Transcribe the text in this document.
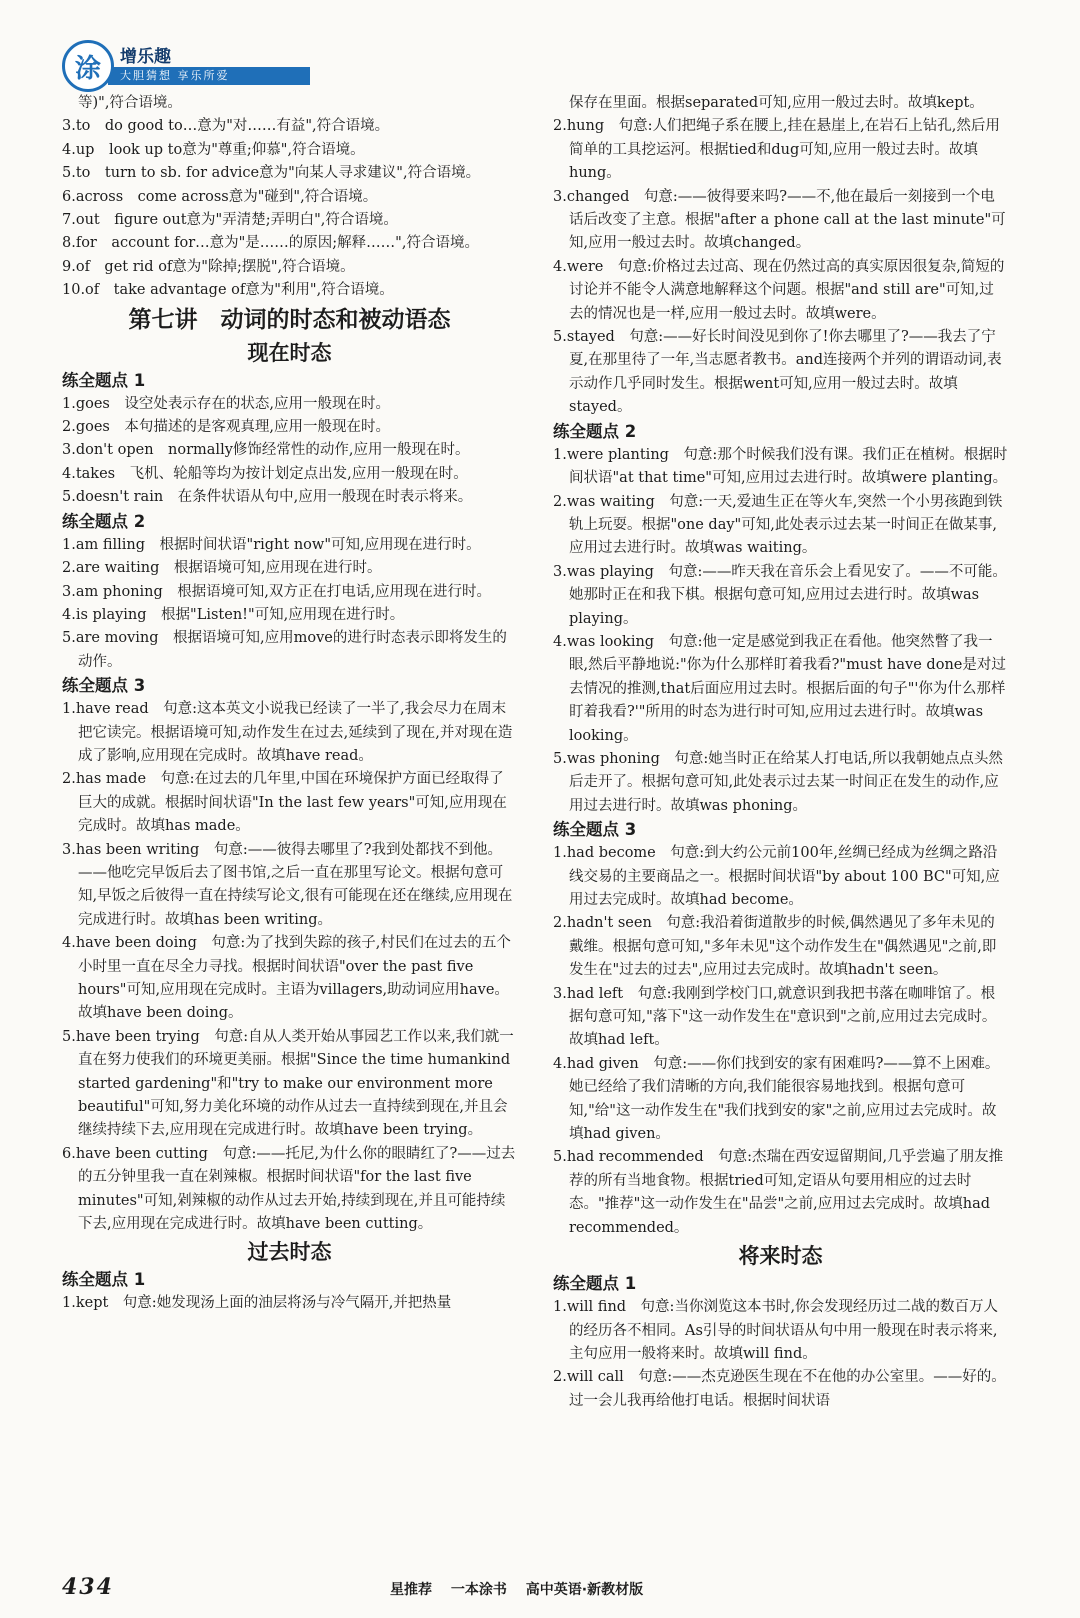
涂	增乐趣
大胆猜想 享乐所爱

等)",符合语境。

3.to　do good to…意为"对……有益",符合语境。

4.up　look up to意为"尊重;仰慕",符合语境。

5.to　turn to sb. for advice意为"向某人寻求建议",符合语境。

6.across　come across意为"碰到",符合语境。

7.out　figure out意为"弄清楚;弄明白",符合语境。

8.for　account for…意为"是……的原因;解释……",符合语境。

9.of　get rid of意为"除掉;摆脱",符合语境。

10.of　take advantage of意为"利用",符合语境。

第七讲　动词的时态和被动语态

现在时态

练全题点 1

1.goes　设空处表示存在的状态,应用一般现在时。

2.goes　本句描述的是客观真理,应用一般现在时。

3.don't open　normally修饰经常性的动作,应用一般现在时。

4.takes　飞机、轮船等均为按计划定点出发,应用一般现在时。

5.doesn't rain　在条件状语从句中,应用一般现在时表示将来。

练全题点 2

1.am filling　根据时间状语"right now"可知,应用现在进行时。

2.are waiting　根据语境可知,应用现在进行时。

3.am phoning　根据语境可知,双方正在打电话,应用现在进行时。

4.is playing　根据"Listen!"可知,应用现在进行时。

5.are moving　根据语境可知,应用move的进行时态表示即将发生的动作。

练全题点 3

1.have read　句意:这本英文小说我已经读了一半了,我会尽力在周末把它读完。根据语境可知,动作发生在过去,延续到了现在,并对现在造成了影响,应用现在完成时。故填have read。

2.has made　句意:在过去的几年里,中国在环境保护方面已经取得了巨大的成就。根据时间状语"In the last few years"可知,应用现在完成时。故填has made。

3.has been writing　句意:——彼得去哪里了?我到处都找不到他。——他吃完早饭后去了图书馆,之后一直在那里写论文。根据句意可知,早饭之后彼得一直在持续写论文,很有可能现在还在继续,应用现在完成进行时。故填has been writing。

4.have been doing　句意:为了找到失踪的孩子,村民们在过去的五个小时里一直在尽全力寻找。根据时间状语"over the past five hours"可知,应用现在完成时。主语为villagers,助动词应用have。故填have been doing。

5.have been trying　句意:自从人类开始从事园艺工作以来,我们就一直在努力使我们的环境更美丽。根据"Since the time humankind started gardening"和"try to make our environment more beautiful"可知,努力美化环境的动作从过去一直持续到现在,并且会继续持续下去,应用现在完成进行时。故填have been trying。

6.have been cutting　句意:——托尼,为什么你的眼睛红了?——过去的五分钟里我一直在剁辣椒。根据时间状语"for the last five minutes"可知,剁辣椒的动作从过去开始,持续到现在,并且可能持续下去,应用现在完成进行时。故填have been cutting。

过去时态

练全题点 1

1.kept　句意:她发现汤上面的油层将汤与冷气隔开,并把热量

保存在里面。根据separated可知,应用一般过去时。故填kept。

2.hung　句意:人们把绳子系在腰上,挂在悬崖上,在岩石上钻孔,然后用简单的工具挖运河。根据tied和dug可知,应用一般过去时。故填hung。

3.changed　句意:——彼得要来吗?——不,他在最后一刻接到一个电话后改变了主意。根据"after a phone call at the last minute"可知,应用一般过去时。故填changed。

4.were　句意:价格过去过高、现在仍然过高的真实原因很复杂,简短的讨论并不能令人满意地解释这个问题。根据"and still are"可知,过去的情况也是一样,应用一般过去时。故填were。

5.stayed　句意:——好长时间没见到你了!你去哪里了?——我去了宁夏,在那里待了一年,当志愿者教书。and连接两个并列的谓语动词,表示动作几乎同时发生。根据went可知,应用一般过去时。故填stayed。

练全题点 2

1.were planting　句意:那个时候我们没有课。我们正在植树。根据时间状语"at that time"可知,应用过去进行时。故填were planting。

2.was waiting　句意:一天,爱迪生正在等火车,突然一个小男孩跑到铁轨上玩耍。根据"one day"可知,此处表示过去某一时间正在做某事,应用过去进行时。故填was waiting。

3.was playing　句意:——昨天我在音乐会上看见安了。——不可能。她那时正在和我下棋。根据句意可知,应用过去进行时。故填was playing。

4.was looking　句意:他一定是感觉到我正在看他。他突然瞥了我一眼,然后平静地说:"你为什么那样盯着我看?"must have done是对过去情况的推测,that后面应用过去时。根据后面的句子"'你为什么那样盯着我看?'"所用的时态为进行时可知,应用过去进行时。故填was looking。

5.was phoning　句意:她当时正在给某人打电话,所以我朝她点点头然后走开了。根据句意可知,此处表示过去某一时间正在发生的动作,应用过去进行时。故填was phoning。

练全题点 3

1.had become　句意:到大约公元前100年,丝绸已经成为丝绸之路沿线交易的主要商品之一。根据时间状语"by about 100 BC"可知,应用过去完成时。故填had become。

2.hadn't seen　句意:我沿着街道散步的时候,偶然遇见了多年未见的戴维。根据句意可知,"多年未见"这个动作发生在"偶然遇见"之前,即发生在"过去的过去",应用过去完成时。故填hadn't seen。

3.had left　句意:我刚到学校门口,就意识到我把书落在咖啡馆了。根据句意可知,"落下"这一动作发生在"意识到"之前,应用过去完成时。故填had left。

4.had given　句意:——你们找到安的家有困难吗?——算不上困难。她已经给了我们清晰的方向,我们能很容易地找到。根据句意可知,"给"这一动作发生在"我们找到安的家"之前,应用过去完成时。故填had given。

5.had recommended　句意:杰瑞在西安逗留期间,几乎尝遍了朋友推荐的所有当地食物。根据tried可知,定语从句要用相应的过去时态。"推荐"这一动作发生在"品尝"之前,应用过去完成时。故填had recommended。

将来时态

练全题点 1

1.will find　句意:当你浏览这本书时,你会发现经历过二战的数百万人的经历各不相同。As引导的时间状语从句中用一般现在时表示将来,主句应用一般将来时。故填will find。

2.will call　句意:——杰克逊医生现在不在他的办公室里。——好的。过一会儿我再给他打电话。根据时间状语

434	星推荐 一本涂书 高中英语·新教材版
